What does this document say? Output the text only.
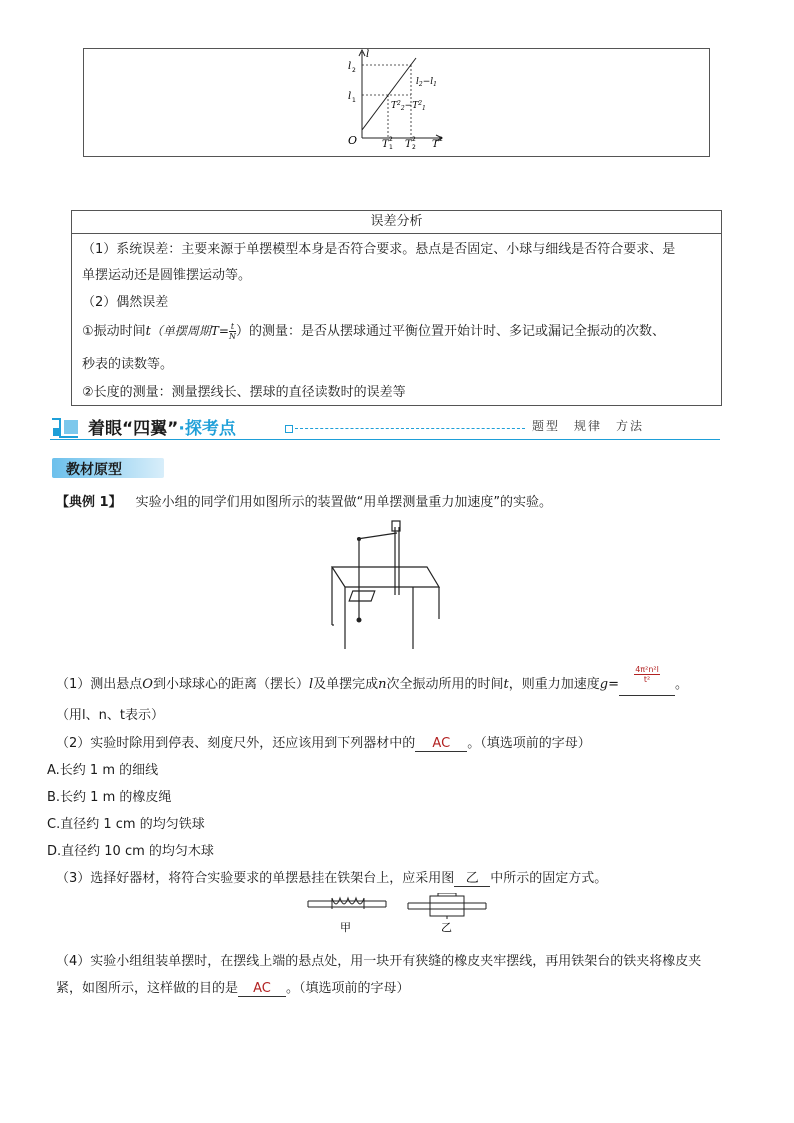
l
l 2
l 1
O T 2
1 T 2
2 T 2
$l_2-l_1$
$T^2_2-T^2_1$
误差分析
（1）系统误差：主要来源于单摆模型本身是否符合要求。悬点是否固定、小球与细线是否符合要求、是
单摆运动还是圆锥摆运动等。
（2）偶然误差
①振动时间t（单摆周期$T= \frac{t}{N}$ ）的测量：是否从摆球通过平衡位置开始计时、多记或漏记全振动的次数、
秒表的读数等。
②长度的测量：测量摆线长、摆球的直径读数时的误差等
着眼“四翼”·探考点	题型　规律　方法
教材原型
【典例 1】 实验小组的同学们用如图所示的装置做“用单摆测量重力加速度”的实验。
（1）测出悬点O到小球球心的距离（摆长）l及单摆完成n次全振动所用的时间t，则重力加速度g=
$\frac{\text{4π²n²l}}{\text{t²}}$
。
（用l、n、t表示）
（2）实验时除用到停表、刻度尺外，还应该用到下列器材中的 AC 。（填选项前的字母）
A.长约 1 m 的细线
B.长约 1 m 的橡皮绳
C.直径约 1 cm 的均匀铁球
D.直径约 10 cm 的均匀木球
（3）选择好器材，将符合实验要求的单摆悬挂在铁架台上，应采用图 乙 中所示的固定方式。
甲	乙
（4）实验小组组装单摆时，在摆线上端的悬点处，用一块开有狭缝的橡皮夹牢摆线，再用铁架台的铁夹将橡皮夹
紧，如图所示，这样做的目的是 AC 。（填选项前的字母）
